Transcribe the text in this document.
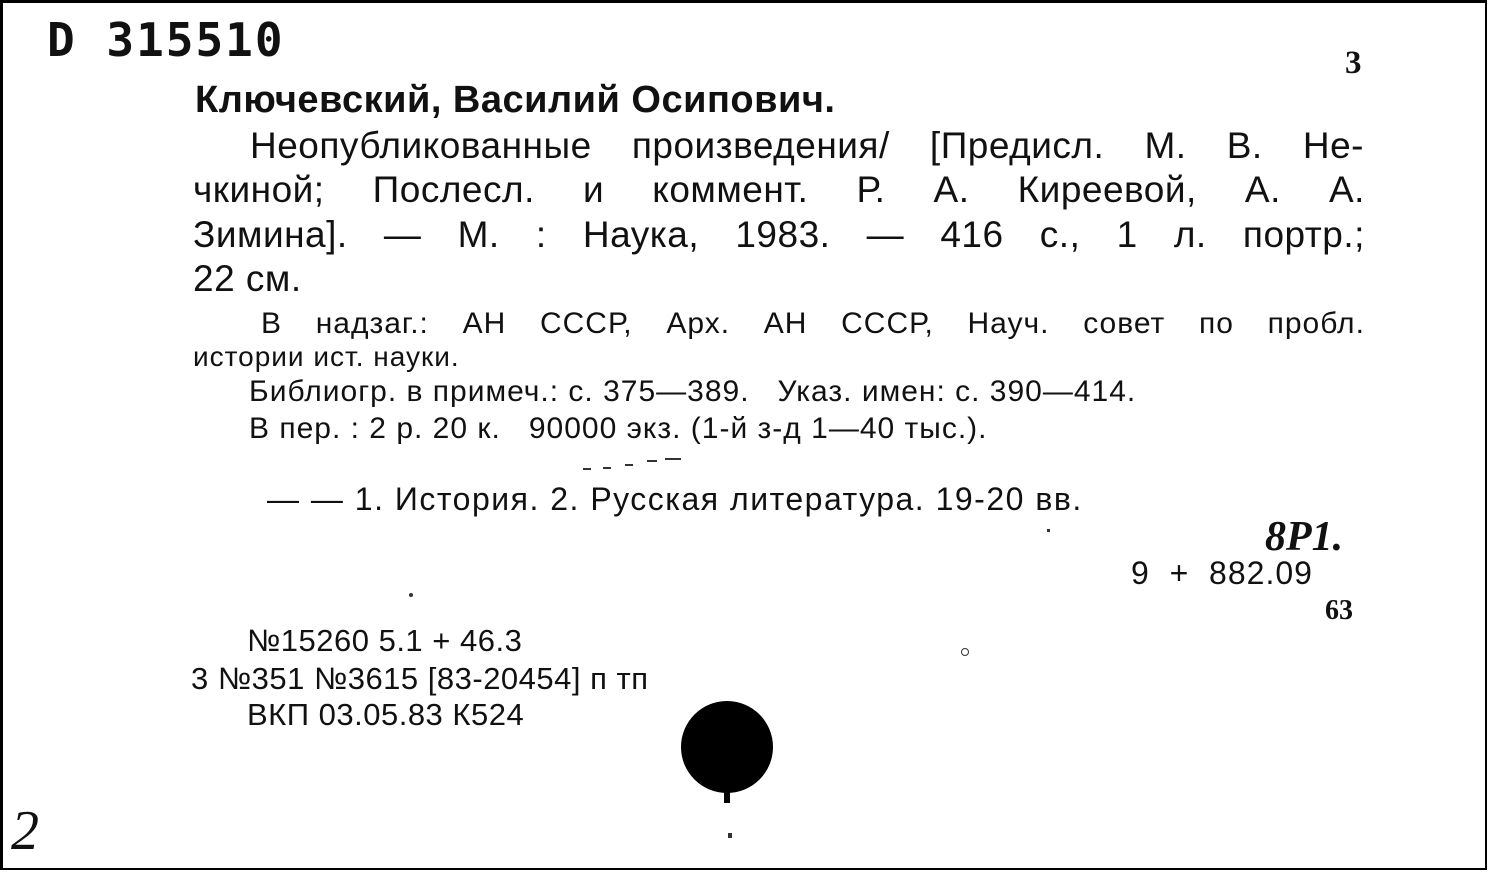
D 315510	3
Ключевский, Василий Осипович.
Неопубликованные произведения/ [Предисл. М. В. Не-
чкиной; Послесл. и коммент. Р. А. Киреевой, А. А.
Зимина]. — М. : Наука, 1983. — 416 с., 1 л. портр.;
22 см.
В надзаг.: АН СССР, Арх. АН СССР, Науч. совет по пробл.
истории ист. науки.
Библиогр. в примеч.: с. 375—389.   Указ. имен: с. 390—414.
В пер. : 2 р. 20 к.   90000 экз. (1-й з-д 1—40 тыс.).
— — 1. История. 2. Русская литература. 19-20 вв.
8Р1.
9  +  882.09
63
№15260 5.1 + 46.3
3 №351 №3615 [83-20454] п тп
ВКП 03.05.83 К524
2
